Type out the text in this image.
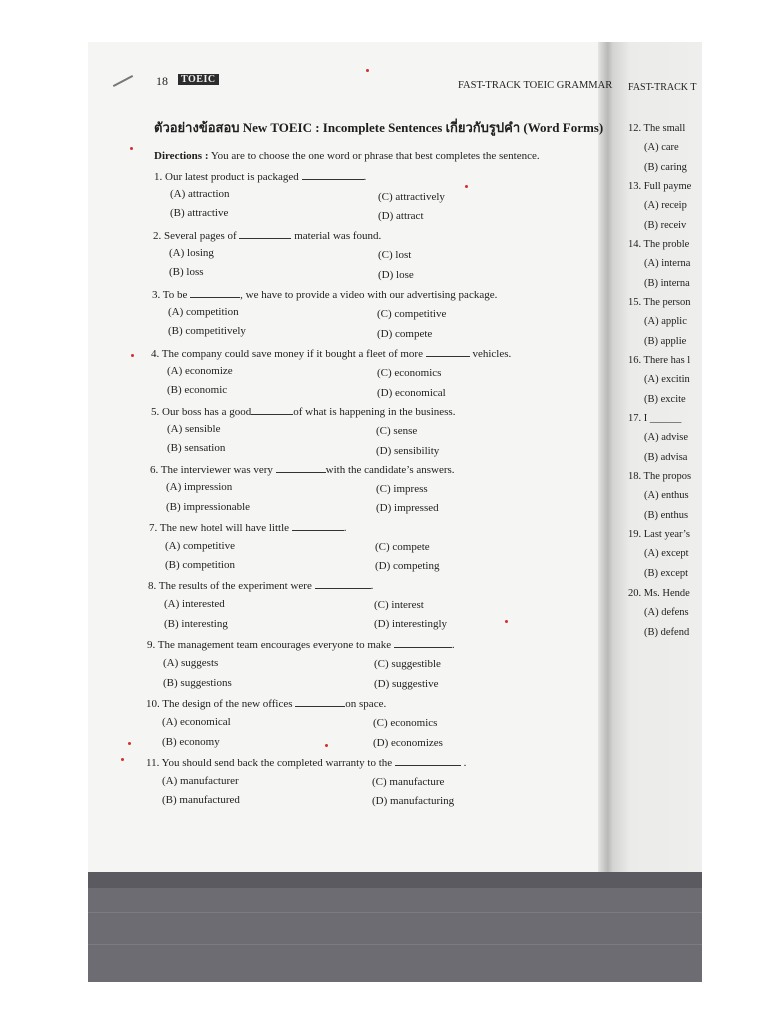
18	TOEIC
FAST-TRACK TOEIC GRAMMAR FAST-TRACK T
ตัวอย่างข้อสอบ New TOEIC : Incomplete Sentences เกี่ยวกับรูปคำ (Word Forms)
Directions : You are to choose the one word or phrase that best completes the sentence.
1. Our latest product is packaged	.
(A) attraction
(B) attractive
(C) attractively
(D) attract
2. Several pages of	material was found.
(A) losing
(B) loss
(C) lost
(D) lose
3. To be	, we have to provide a video with our advertising package.
(A) competition
(B) competitively
(C) competitive
(D) compete
4. The company could save money if it bought a fleet of more	vehicles.
(A) economize
(B) economic
(C) economics
(D) economical
5. Our boss has a good	of what is happening in the business.
(A) sensible
(B) sensation
(C) sense
(D) sensibility
6. The interviewer was very	with the candidate’s answers.
(A) impression
(B) impressionable
(C) impress
(D) impressed
7. The new hotel will have little	.
(A) competitive
(B) competition
(C) compete
(D) competing
8. The results of the experiment were	.
(A) interested
(B) interesting
(C) interest
(D) interestingly
9. The management team encourages everyone to make	.
(A) suggests
(B) suggestions
(C) suggestible
(D) suggestive
10. The design of the new offices	on space.
(A) economical
(B) economy
(C) economics
(D) economizes
11. You should send back the completed warranty to the	.
(A) manufacturer
(B) manufactured
(C) manufacture
(D) manufacturing
12. The small
(A) care
(B) caring
13. Full payme
(A) receip
(B) receiv
14. The proble
(A) interna
(B) interna
15. The person
(A) applic
(B) applie
16. There has l
(A) excitin
(B) excite
17. I ______
(A) advise
(B) advisa
18. The propos
(A) enthus
(B) enthus
19. Last year’s
(A) except
(B) except
20. Ms. Hende
(A) defens
(B) defend
